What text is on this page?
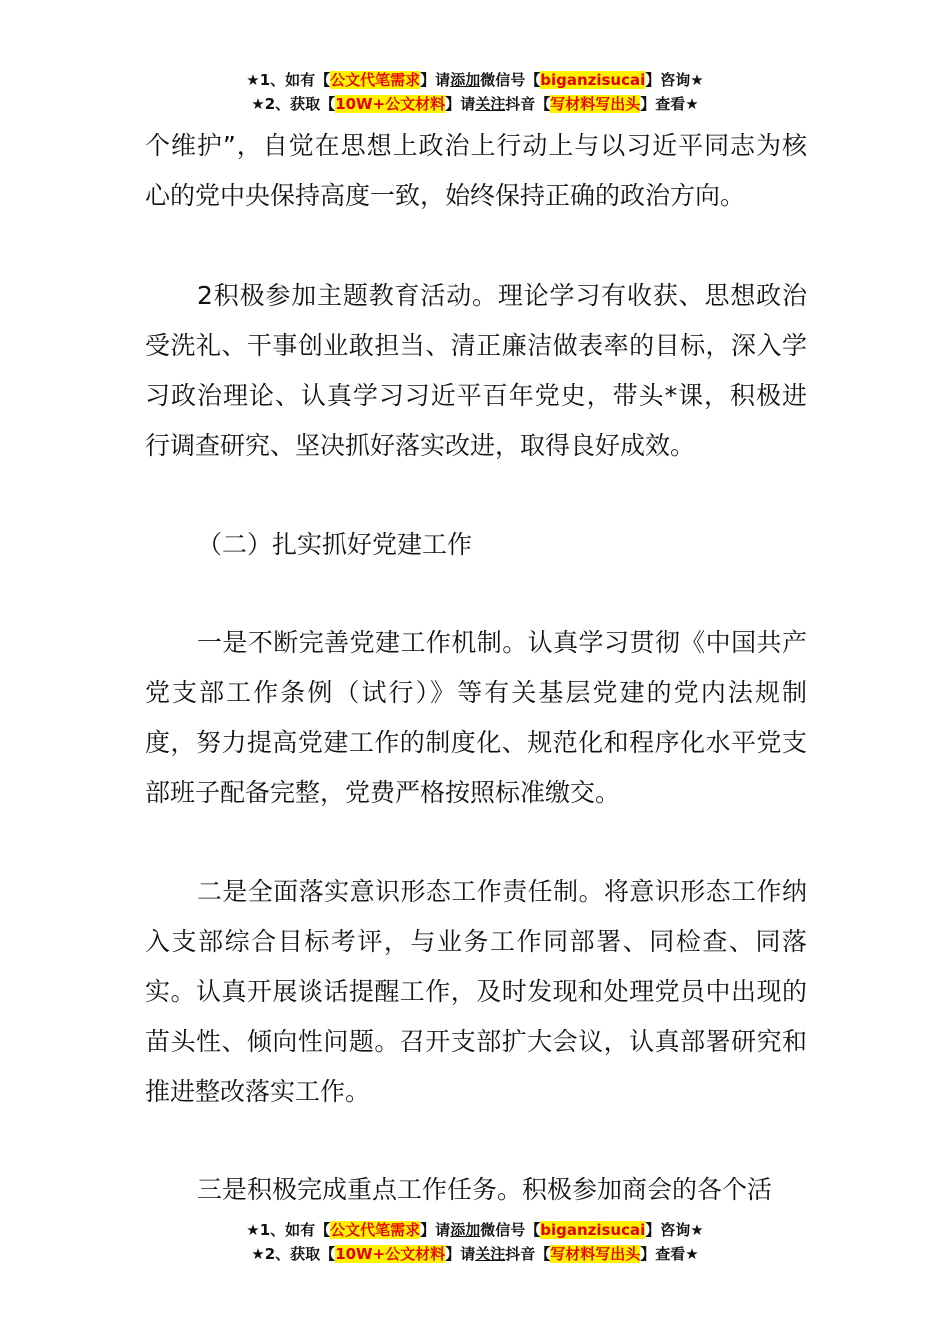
★1、如有【公文代笔需求】请添加微信号【biganzisucai】咨询★
★2、获取【10W+公文材料】请关注抖音【写材料写出头】查看★

个维护”，自觉在思想上政治上行动上与以习近平同志为核心的党中央保持高度一致，始终保持正确的政治方向。

2积极参加主题教育活动。理论学习有收获、思想政治受洗礼、干事创业敢担当、清正廉洁做表率的目标，深入学习政治理论、认真学习习近平百年党史，带头*课，积极进行调查研究、坚决抓好落实改进，取得良好成效。

（二）扎实抓好党建工作

一是不断完善党建工作机制。认真学习贯彻《中国共产党支部工作条例（试行）》等有关基层党建的党内法规制度，努力提高党建工作的制度化、规范化和程序化水平党支部班子配备完整，党费严格按照标准缴交。

二是全面落实意识形态工作责任制。将意识形态工作纳入支部综合目标考评，与业务工作同部署、同检查、同落实。认真开展谈话提醒工作，及时发现和处理党员中出现的苗头性、倾向性问题。召开支部扩大会议，认真部署研究和推进整改落实工作。

三是积极完成重点工作任务。积极参加商会的各个活

★1、如有【公文代笔需求】请添加微信号【biganzisucai】咨询★
★2、获取【10W+公文材料】请关注抖音【写材料写出头】查看★
